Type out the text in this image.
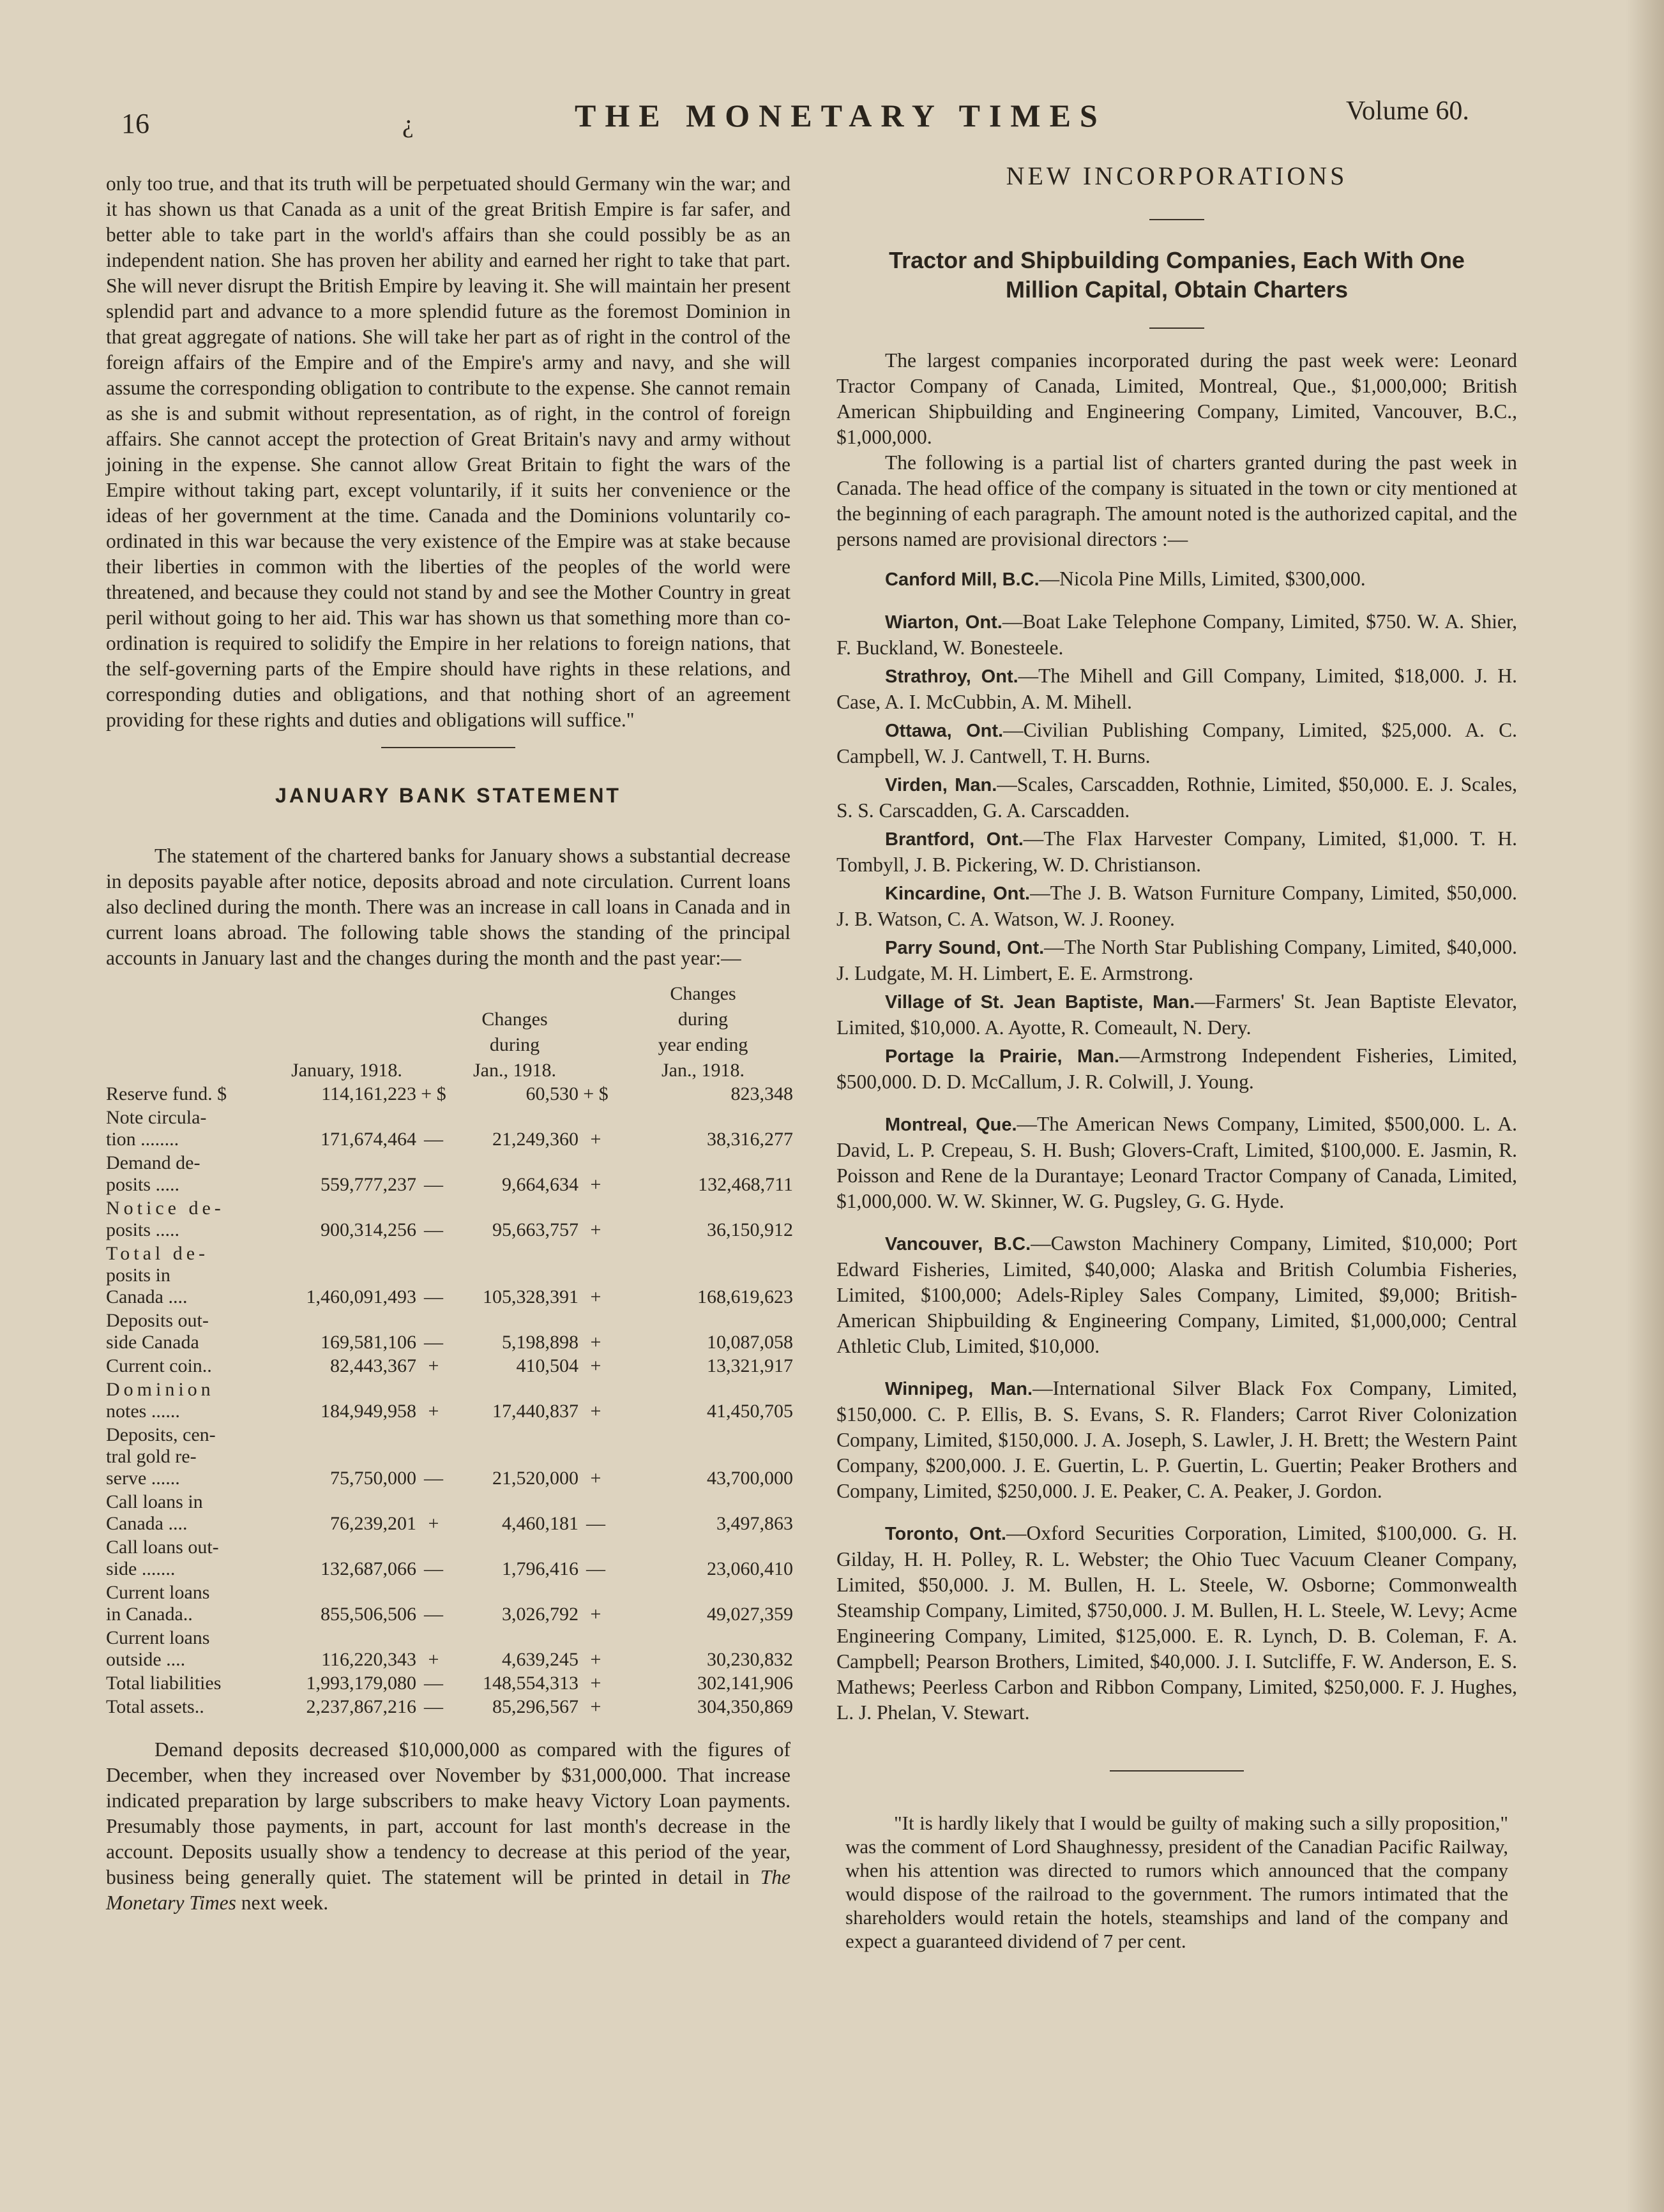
16	¿	THE MONETARY TIMES	Volume 60.

only too true, and that its truth will be perpetuated should Germany win the war; and it has shown us that Canada as a unit of the great British Empire is far safer, and better able to take part in the world's affairs than she could possibly be as an independent nation. She has proven her ability and earned her right to take that part. She will never disrupt the British Empire by leaving it. She will maintain her present splendid part and advance to a more splendid future as the foremost Dominion in that great aggregate of nations. She will take her part as of right in the control of the foreign affairs of the Empire and of the Empire's army and navy, and she will assume the corresponding obligation to contribute to the expense. She cannot remain as she is and submit without representation, as of right, in the control of foreign affairs. She cannot accept the protection of Great Britain's navy and army without joining in the expense. She cannot allow Great Britain to fight the wars of the Empire without taking part, except voluntarily, if it suits her convenience or the ideas of her government at the time. Canada and the Dominions voluntarily co-ordinated in this war because the very existence of the Empire was at stake because their liberties in common with the liberties of the peoples of the world were threatened, and because they could not stand by and see the Mother Country in great peril without going to her aid. This war has shown us that something more than co-ordination is required to solidify the Empire in her relations to foreign nations, that the self-governing parts of the Empire should have rights in these relations, and corresponding duties and obligations, and that nothing short of an agreement providing for these rights and duties and obligations will suffice."

JANUARY BANK STATEMENT

The statement of the chartered banks for January shows a substantial decrease in deposits payable after notice, deposits abroad and note circulation. Current loans also declined during the month. There was an increase in call loans in Canada and in current loans abroad. The following table shows the standing of the principal accounts in January last and the changes during the month and the past year:—

					Changes
			Changes		during
			during		year ending
	January, 1918.		Jan., 1918.		Jan., 1918.
Reserve fund. $	114,161,223	+ $	60,530	+ $	823,348
Note circula-					
tion ........	171,674,464	—	21,249,360	+	38,316,277
Demand de-					
posits .....	559,777,237	—	9,664,634	+	132,468,711
Notice de-					
posits .....	900,314,256	—	95,663,757	+	36,150,912
Total de-					
posits in					
Canada ....	1,460,091,493	—	105,328,391	+	168,619,623
Deposits out-					
side Canada	169,581,106	—	5,198,898	+	10,087,058
Current coin..	82,443,367	+	410,504	+	13,321,917
Dominion					
notes ......	184,949,958	+	17,440,837	+	41,450,705
Deposits, cen-					
tral gold re-					
serve ......	75,750,000	—	21,520,000	+	43,700,000
Call loans in					
Canada ....	76,239,201	+	4,460,181	—	3,497,863
Call loans out-					
side .......	132,687,066	—	1,796,416	—	23,060,410
Current loans					
in Canada..	855,506,506	—	3,026,792	+	49,027,359
Current loans					
outside ....	116,220,343	+	4,639,245	+	30,230,832
Total liabilities	1,993,179,080	—	148,554,313	+	302,141,906
Total assets..	2,237,867,216	—	85,296,567	+	304,350,869

Demand deposits decreased $10,000,000 as compared with the figures of December, when they increased over November by $31,000,000. That increase indicated preparation by large subscribers to make heavy Victory Loan payments. Presumably those payments, in part, account for last month's decrease in the account. Deposits usually show a tendency to decrease at this period of the year, business being generally quiet. The statement will be printed in detail in The Monetary Times next week.

NEW INCORPORATIONS

Tractor and Shipbuilding Companies, Each With One

Million Capital, Obtain Charters

The largest companies incorporated during the past week were: Leonard Tractor Company of Canada, Limited, Montreal, Que., $1,000,000; British American Shipbuilding and Engineering Company, Limited, Vancouver, B.C., $1,000,000.

The following is a partial list of charters granted during the past week in Canada. The head office of the company is situated in the town or city mentioned at the beginning of each paragraph. The amount noted is the authorized capital, and the persons named are provisional directors :—

Canford Mill, B.C.—Nicola Pine Mills, Limited, $300,000.

Wiarton, Ont.—Boat Lake Telephone Company, Limited, $750. W. A. Shier, F. Buckland, W. Bonesteele.

Strathroy, Ont.—The Mihell and Gill Company, Limited, $18,000. J. H. Case, A. I. McCubbin, A. M. Mihell.

Ottawa, Ont.—Civilian Publishing Company, Limited, $25,000. A. C. Campbell, W. J. Cantwell, T. H. Burns.

Virden, Man.—Scales, Carscadden, Rothnie, Limited, $50,000. E. J. Scales, S. S. Carscadden, G. A. Carscadden.

Brantford, Ont.—The Flax Harvester Company, Limited, $1,000. T. H. Tombyll, J. B. Pickering, W. D. Christianson.

Kincardine, Ont.—The J. B. Watson Furniture Company, Limited, $50,000. J. B. Watson, C. A. Watson, W. J. Rooney.

Parry Sound, Ont.—The North Star Publishing Company, Limited, $40,000. J. Ludgate, M. H. Limbert, E. E. Armstrong.

Village of St. Jean Baptiste, Man.—Farmers' St. Jean Baptiste Elevator, Limited, $10,000. A. Ayotte, R. Comeault, N. Dery.

Portage la Prairie, Man.—Armstrong Independent Fisheries, Limited, $500,000. D. D. McCallum, J. R. Colwill, J. Young.

Montreal, Que.—The American News Company, Limited, $500,000. L. A. David, L. P. Crepeau, S. H. Bush; Glovers-Craft, Limited, $100,000. E. Jasmin, R. Poisson and Rene de la Durantaye; Leonard Tractor Company of Canada, Limited, $1,000,000. W. W. Skinner, W. G. Pugsley, G. G. Hyde.

Vancouver, B.C.—Cawston Machinery Company, Limited, $10,000; Port Edward Fisheries, Limited, $40,000; Alaska and British Columbia Fisheries, Limited, $100,000; Adels-Ripley Sales Company, Limited, $9,000; British-American Shipbuilding & Engineering Company, Limited, $1,000,000; Central Athletic Club, Limited, $10,000.

Winnipeg, Man.—International Silver Black Fox Company, Limited, $150,000. C. P. Ellis, B. S. Evans, S. R. Flanders; Carrot River Colonization Company, Limited, $150,000. J. A. Joseph, S. Lawler, J. H. Brett; the Western Paint Company, $200,000. J. E. Guertin, L. P. Guertin, L. Guertin; Peaker Brothers and Company, Limited, $250,000. J. E. Peaker, C. A. Peaker, J. Gordon.

Toronto, Ont.—Oxford Securities Corporation, Limited, $100,000. G. H. Gilday, H. H. Polley, R. L. Webster; the Ohio Tuec Vacuum Cleaner Company, Limited, $50,000. J. M. Bullen, H. L. Steele, W. Osborne; Commonwealth Steamship Company, Limited, $750,000. J. M. Bullen, H. L. Steele, W. Levy; Acme Engineering Company, Limited, $125,000. E. R. Lynch, D. B. Coleman, F. A. Campbell; Pearson Brothers, Limited, $40,000. J. I. Sutcliffe, F. W. Anderson, E. S. Mathews; Peerless Carbon and Ribbon Company, Limited, $250,000. F. J. Hughes, L. J. Phelan, V. Stewart.

"It is hardly likely that I would be guilty of making such a silly proposition," was the comment of Lord Shaughnessy, president of the Canadian Pacific Railway, when his attention was directed to rumors which announced that the company would dispose of the railroad to the government. The rumors intimated that the shareholders would retain the hotels, steamships and land of the company and expect a guaranteed dividend of 7 per cent.
